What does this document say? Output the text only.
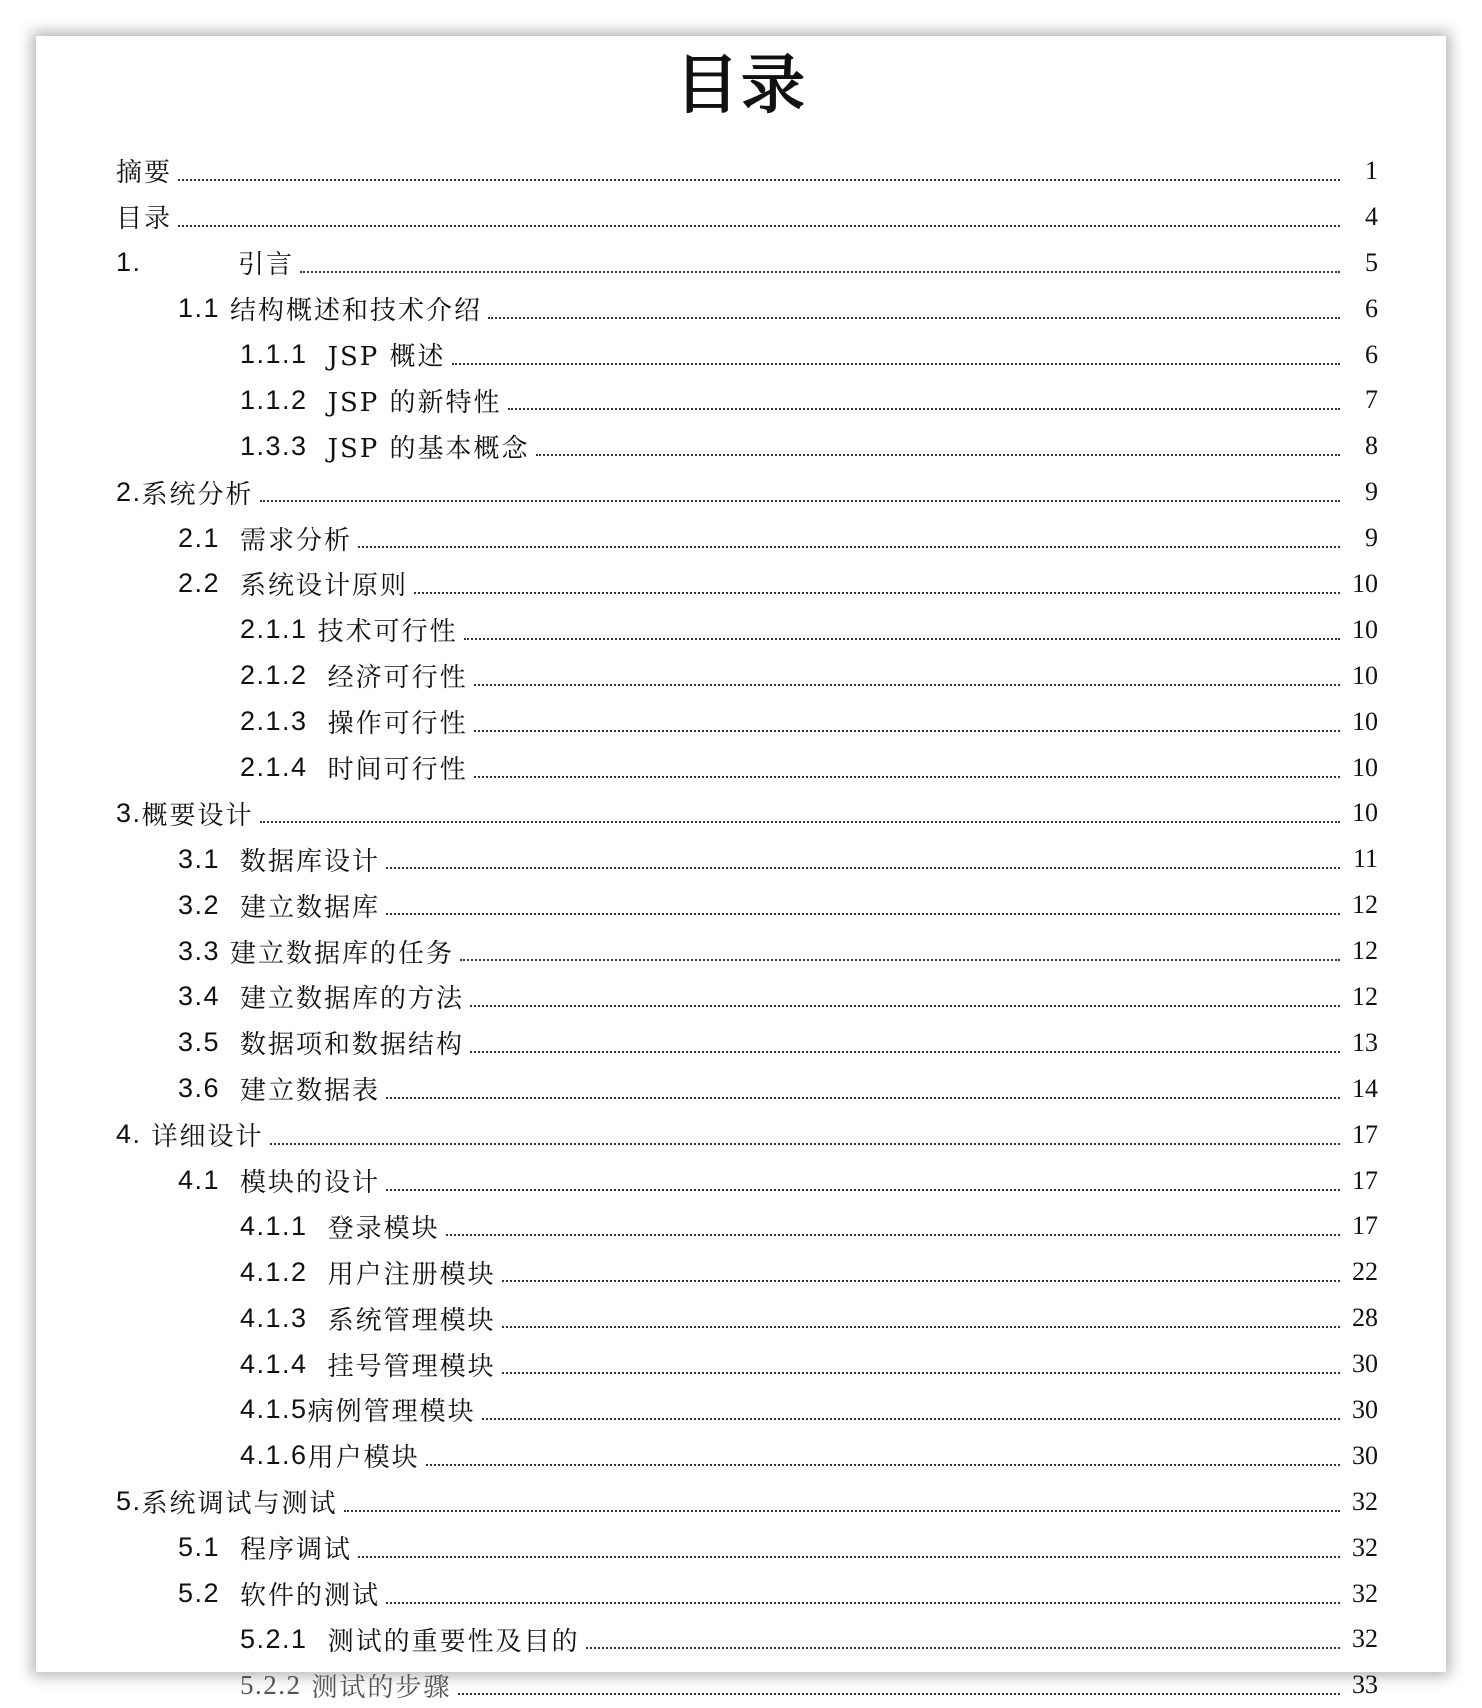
目录
摘要	1
目录	4
1.	引言	5
1.1 结构概述和技术介绍	6
1.1.1 JSP 概述	6
1.1.2 JSP 的新特性	7
1.3.3 JSP 的基本概念	8
2. 系统分析	9
2.1 需求分析	9
2.2 系统设计原则	10
2.1.1 技术可行性	10
2.1.2 经济可行性	10
2.1.3 操作可行性	10
2.1.4 时间可行性	10
3. 概要设计	10
3.1 数据库设计	11
3.2 建立数据库	12
3.3 建立数据库的任务	12
3.4 建立数据库的方法	12
3.5 数据项和数据结构	13
3.6 建立数据表	14
4. 详细设计	17
4.1 模块的设计	17
4.1.1 登录模块	17
4.1.2 用户注册模块	22
4.1.3 系统管理模块	28
4.1.4 挂号管理模块	30
4.1.5 病例管理模块	30
4.1.6 用户模块	30
5. 系统调试与测试	32
5.1 程序调试	32
5.2 软件的测试	32
5.2.1 测试的重要性及目的	32
5.2.2 测试的步骤	33
